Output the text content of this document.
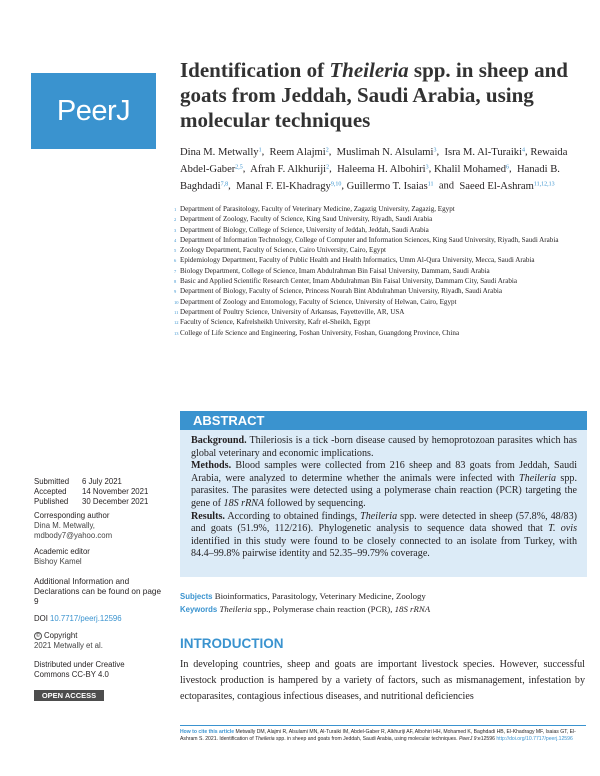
PeerJ
Identification of Theileria spp. in sheep and goats from Jeddah, Saudi Arabia, using molecular techniques
Dina M. Metwally$^1$,  Reem Alajmi$^2$,  Muslimah N. Alsulami$^3$,  Isra M. Al-Turaiki$^4$, Rewaida Abdel-Gaber$^{2,5}$,  Afrah F. Alkhuriji$^2$,  Haleema H. Albohiri$^3$, Khalil Mohamed$^6$,  Hanadi B. Baghdadi$^{7,8}$,  Manal F. El-Khadragy$^{9,10}$, Guillermo T. Isaias$^{11}$ and Saeed El-Ashram$^{11,12,13}$
1 Department of Parasitology, Faculty of Veterinary Medicine, Zagazig University, Zagazig, Egypt
2 Department of Zoology, Faculty of Science, King Saud University, Riyadh, Saudi Arabia
3 Department of Biology, College of Science, University of Jeddah, Jeddah, Saudi Arabia
4 Department of Information Technology, College of Computer and Information Sciences, King Saud University, Riyadh, Saudi Arabia
5 Zoology Department, Faculty of Science, Cairo University, Cairo, Egypt
6 Epidemiology Department, Faculty of Public Health and Health Informatics, Umm Al-Qura University, Mecca, Saudi Arabia
7 Biology Department, College of Science, Imam Abdulrahman Bin Faisal University, Dammam, Saudi Arabia
8 Basic and Applied Scientific Research Center, Imam Abdulrahman Bin Faisal University, Dammam City, Saudi Arabia
9 Department of Biology, Faculty of Science, Princess Nourah Bint Abdulrahman University, Riyadh, Saudi Arabia
10 Department of Zoology and Entomology, Faculty of Science, University of Helwan, Cairo, Egypt
11 Department of Poultry Science, University of Arkansas, Fayetteville, AR, USA
12 Faculty of Science, Kafrelsheikh University, Kafr el-Sheikh, Egypt
13 College of Life Science and Engineering, Foshan University, Foshan, Guangdong Province, China
Submitted	6 July 2021
Accepted	14 November 2021
Published	30 December 2021
Corresponding author
Dina M. Metwally,
mdbody7@yahoo.com
Academic editor
Bishoy Kamel
Additional Information and Declarations can be found on page 9
DOI 10.7717/peerj.12596
© Copyright
2021 Metwally et al.
Distributed under Creative Commons CC-BY 4.0
OPEN ACCESS
ABSTRACT

Background. Thileriosis is a tick -born disease caused by hemoprotozoan parasites which has global veterinary and economic implications.

Methods. Blood samples were collected from 216 sheep and 83 goats from Jeddah, Saudi Arabia, were analyzed to determine whether the animals were infected with Theileria spp. parasites. The parasites were detected using a polymerase chain reaction (PCR) targeting the gene of 18S rRNA followed by sequencing.

Results. According to obtained findings, Theileria spp. were detected in sheep (57.8%, 48/83) and goats (51.9%, 112/216). Phylogenetic analysis to sequence data showed that T. ovis identified in this study were found to be closely connected to an isolate from Turkey, with 84.4–99.8% pairwise identity and 52.35–99.79% coverage.

Subjects Bioinformatics, Parasitology, Veterinary Medicine, Zoology
Keywords Theileria spp., Polymerase chain reaction (PCR), 18S rRNA
INTRODUCTION

In developing countries, sheep and goats are important livestock species. However, successful livestock production is hampered by a variety of factors, such as mismanagement, infestation by ectoparasites, contagious infectious diseases, and nutritional deficiencies

How to cite this article Metwally DM, Alajmi R, Alsulami MN, Al-Turaiki IM, Abdel-Gaber R, Alkhuriji AF, Albohiri HH, Mohamed K, Baghdadi HB, El-Khadragy MF, Isaias GT, El-Ashram S. 2021. Identification of Theileria spp. in sheep and goats from Jeddah, Saudi Arabia, using molecular techniques. PeerJ 9:e12596 http://doi.org/10.7717/peerj.12596
